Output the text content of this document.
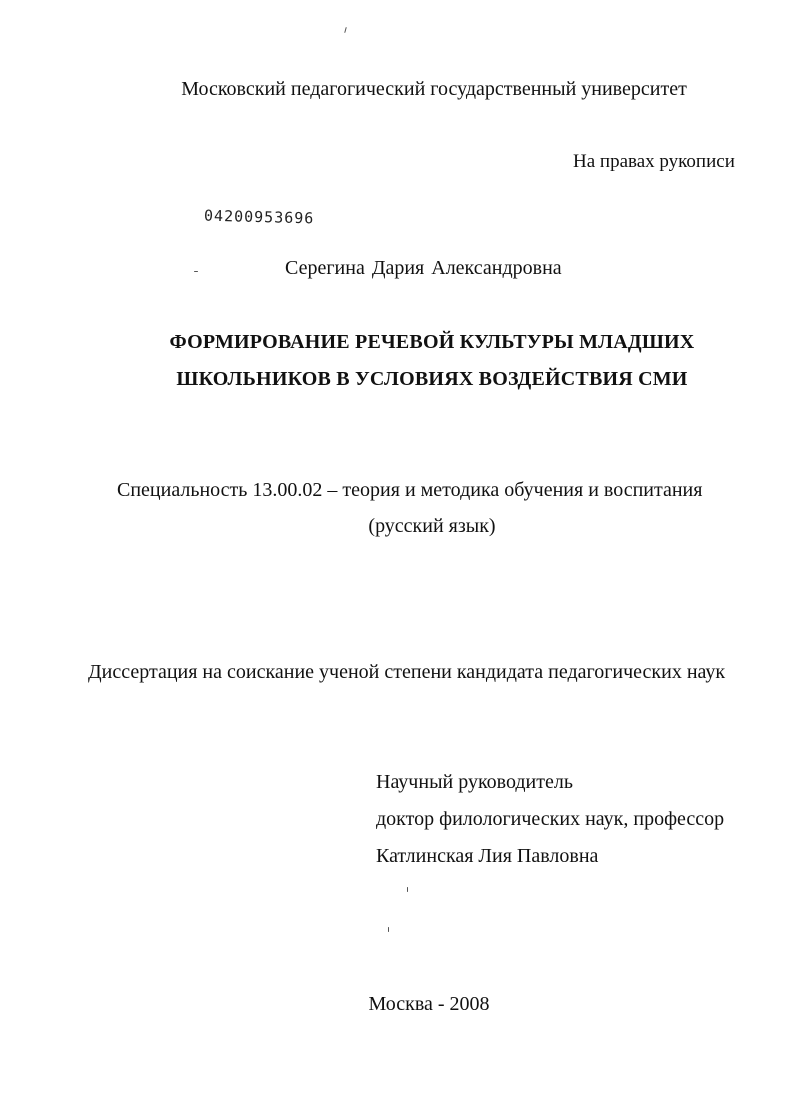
Московский педагогический государственный университет
На правах рукописи
04200953696
Серегина Дария Александровна
ФОРМИРОВАНИЕ РЕЧЕВОЙ КУЛЬТУРЫ МЛАДШИХ
ШКОЛЬНИКОВ В УСЛОВИЯХ ВОЗДЕЙСТВИЯ СМИ
Специальность 13.00.02 – теория и методика обучения и воспитания
(русский язык)
Диссертация на соискание ученой степени кандидата педагогических наук
Научный руководитель
доктор филологических наук, профессор
Катлинская Лия Павловна
Москва - 2008
